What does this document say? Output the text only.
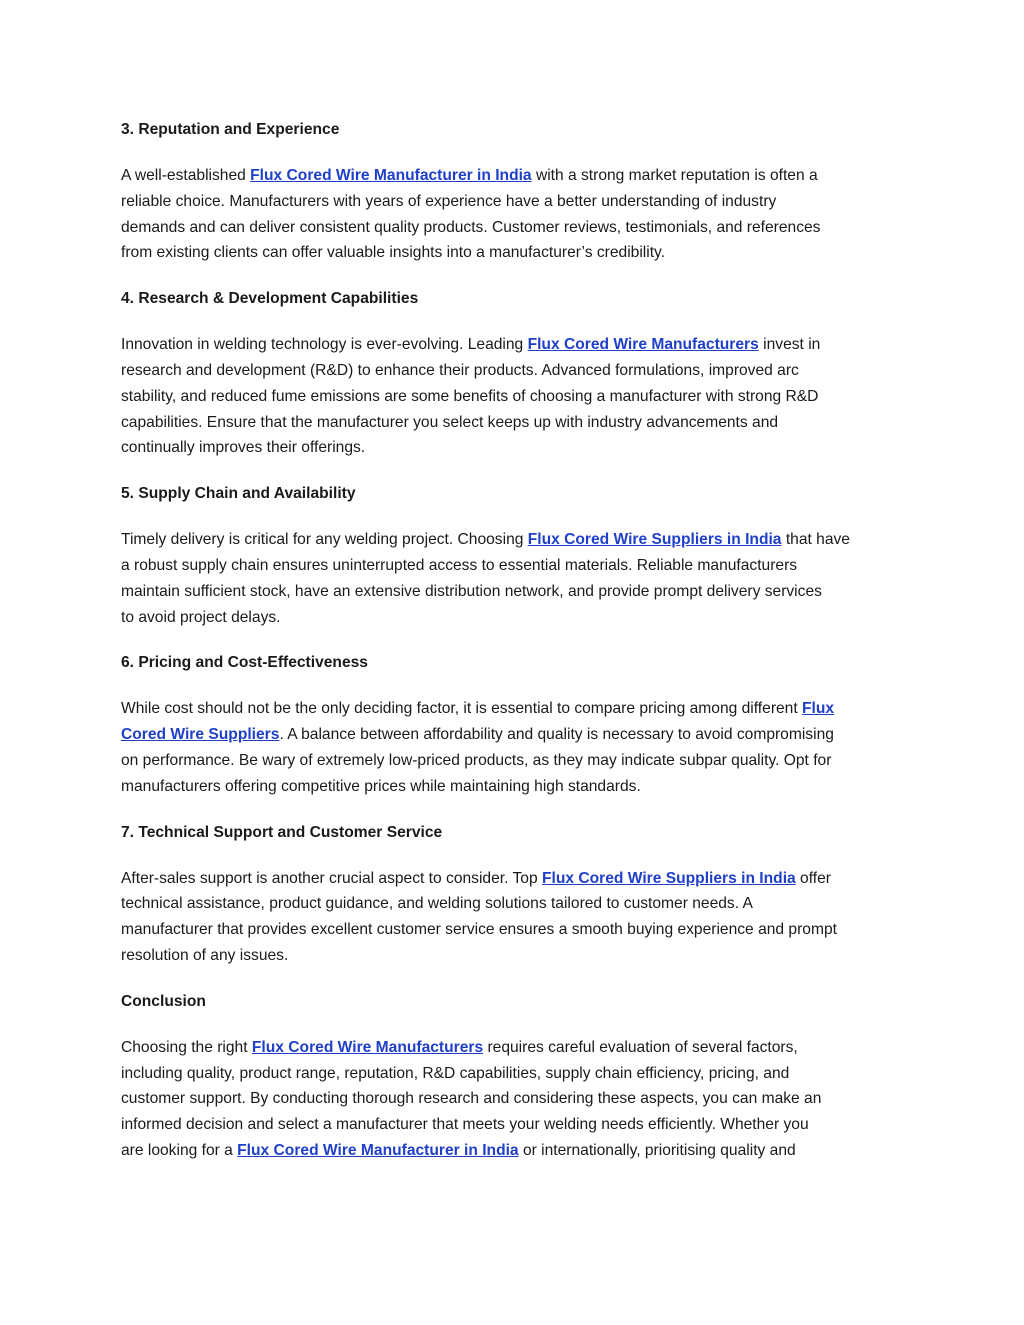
3. Reputation and Experience
A well-established Flux Cored Wire Manufacturer in India with a strong market reputation is often a
reliable choice. Manufacturers with years of experience have a better understanding of industry
demands and can deliver consistent quality products. Customer reviews, testimonials, and references
from existing clients can offer valuable insights into a manufacturer’s credibility.
4. Research & Development Capabilities
Innovation in welding technology is ever-evolving. Leading Flux Cored Wire Manufacturers invest in
research and development (R&D) to enhance their products. Advanced formulations, improved arc
stability, and reduced fume emissions are some benefits of choosing a manufacturer with strong R&D
capabilities. Ensure that the manufacturer you select keeps up with industry advancements and
continually improves their offerings.
5. Supply Chain and Availability
Timely delivery is critical for any welding project. Choosing Flux Cored Wire Suppliers in India that have
a robust supply chain ensures uninterrupted access to essential materials. Reliable manufacturers
maintain sufficient stock, have an extensive distribution network, and provide prompt delivery services
to avoid project delays.
6. Pricing and Cost-Effectiveness
While cost should not be the only deciding factor, it is essential to compare pricing among different Flux
Cored Wire Suppliers. A balance between affordability and quality is necessary to avoid compromising
on performance. Be wary of extremely low-priced products, as they may indicate subpar quality. Opt for
manufacturers offering competitive prices while maintaining high standards.
7. Technical Support and Customer Service
After-sales support is another crucial aspect to consider. Top Flux Cored Wire Suppliers in India offer
technical assistance, product guidance, and welding solutions tailored to customer needs. A
manufacturer that provides excellent customer service ensures a smooth buying experience and prompt
resolution of any issues.
Conclusion
Choosing the right Flux Cored Wire Manufacturers requires careful evaluation of several factors,
including quality, product range, reputation, R&D capabilities, supply chain efficiency, pricing, and
customer support. By conducting thorough research and considering these aspects, you can make an
informed decision and select a manufacturer that meets your welding needs efficiently. Whether you
are looking for a Flux Cored Wire Manufacturer in India or internationally, prioritising quality and
